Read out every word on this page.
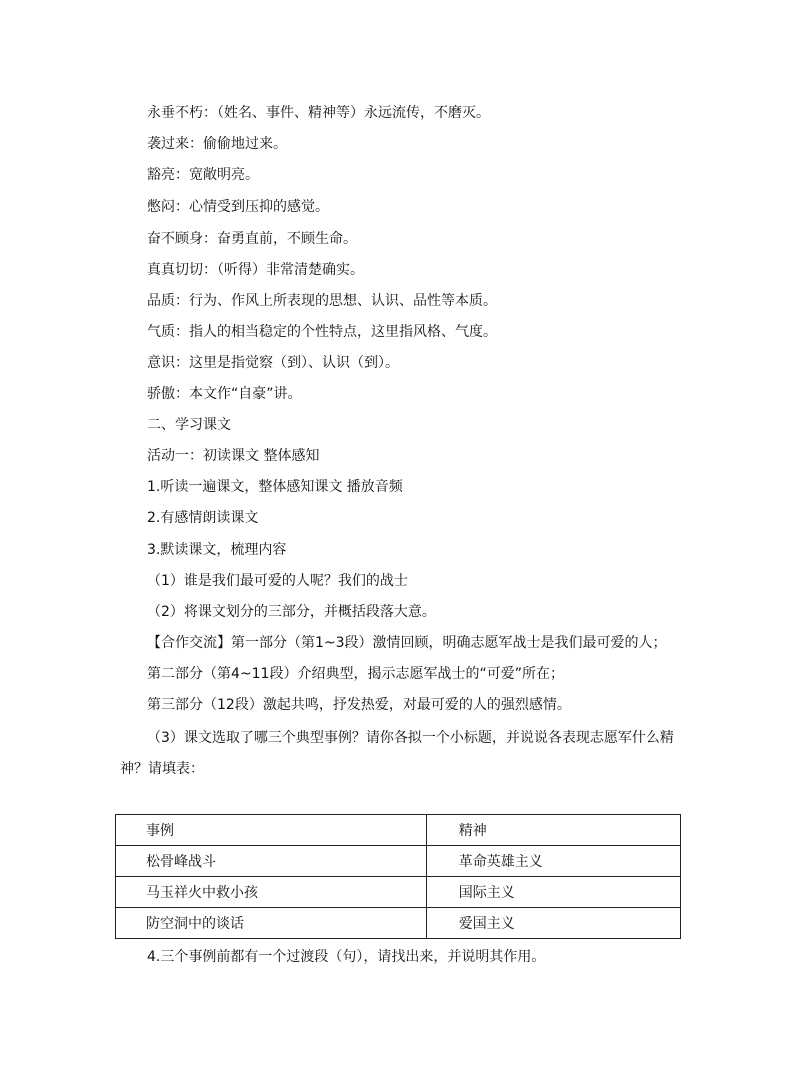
永垂不朽：（姓名、事件、精神等）永远流传，不磨灭。
袭过来：偷偷地过来。
豁亮：宽敞明亮。
憋闷：心情受到压抑的感觉。
奋不顾身：奋勇直前，不顾生命。
真真切切：（听得）非常清楚确实。
品质：行为、作风上所表现的思想、认识、品性等本质。
气质：指人的相当稳定的个性特点，这里指风格、气度。
意识：这里是指觉察（到）、认识（到）。
骄傲：本文作“自豪”讲。
二、学习课文
活动一：初读课文 整体感知
1.听读一遍课文，整体感知课文 播放音频
2.有感情朗读课文
3.默读课文，梳理内容
（1）谁是我们最可爱的人呢？我们的战士
（2）将课文划分的三部分，并概括段落大意。
【合作交流】第一部分（第1~3段）激情回顾，明确志愿军战士是我们最可爱的人；
第二部分（第4~11段）介绍典型，揭示志愿军战士的“可爱”所在；
第三部分（12段）激起共鸣，抒发热爱，对最可爱的人的强烈感情。
（3）课文选取了哪三个典型事例？请你各拟一个小标题，并说说各表现志愿军什么精神？请填表：
事例	精神
松骨峰战斗	革命英雄主义
马玉祥火中救小孩	国际主义
防空洞中的谈话	爱国主义
4.三个事例前都有一个过渡段（句），请找出来，并说明其作用。
